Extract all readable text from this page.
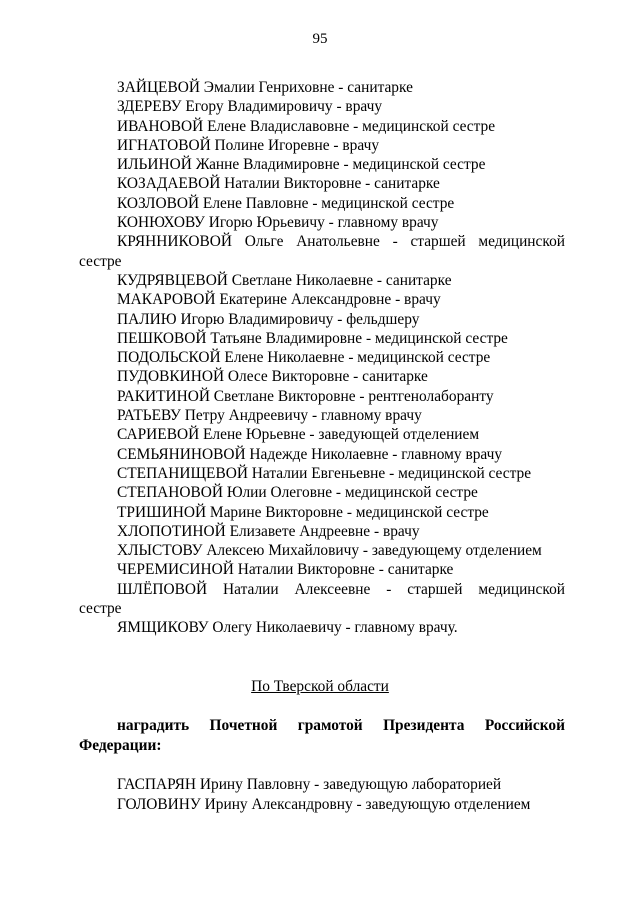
95
ЗАЙЦЕВОЙ Эмалии Генриховне - санитарке
ЗДЕРЕВУ Егору Владимировичу - врачу
ИВАНОВОЙ Елене Владиславовне - медицинской сестре
ИГНАТОВОЙ Полине Игоревне - врачу
ИЛЬИНОЙ Жанне Владимировне - медицинской сестре
КОЗАДАЕВОЙ Наталии Викторовне - санитарке
КОЗЛОВОЙ Елене Павловне - медицинской сестре
КОНЮХОВУ Игорю Юрьевичу - главному врачу
КРЯННИКОВОЙ Ольге Анатольевне - старшей медицинской
сестре
КУДРЯВЦЕВОЙ Светлане Николаевне - санитарке
МАКАРОВОЙ Екатерине Александровне - врачу
ПАЛИЮ Игорю Владимировичу - фельдшеру
ПЕШКОВОЙ Татьяне Владимировне - медицинской сестре
ПОДОЛЬСКОЙ Елене Николаевне - медицинской сестре
ПУДОВКИНОЙ Олесе Викторовне - санитарке
РАКИТИНОЙ Светлане Викторовне - рентгенолаборанту
РАТЬЕВУ Петру Андреевичу - главному врачу
САРИЕВОЙ Елене Юрьевне - заведующей отделением
СЕМЬЯНИНОВОЙ Надежде Николаевне - главному врачу
СТЕПАНИЩЕВОЙ Наталии Евгеньевне - медицинской сестре
СТЕПАНОВОЙ Юлии Олеговне - медицинской сестре
ТРИШИНОЙ Марине Викторовне - медицинской сестре
ХЛОПОТИНОЙ Елизавете Андреевне - врачу
ХЛЫСТОВУ Алексею Михайловичу - заведующему отделением
ЧЕРЕМИСИНОЙ Наталии Викторовне - санитарке
ШЛЁПОВОЙ Наталии Алексеевне - старшей медицинской
сестре
ЯМЩИКОВУ Олегу Николаевичу - главному врачу.
По Тверской области
наградить Почетной грамотой Президента Российской
Федерации:
ГАСПАРЯН Ирину Павловну - заведующую лабораторией
ГОЛОВИНУ Ирину Александровну - заведующую отделением
